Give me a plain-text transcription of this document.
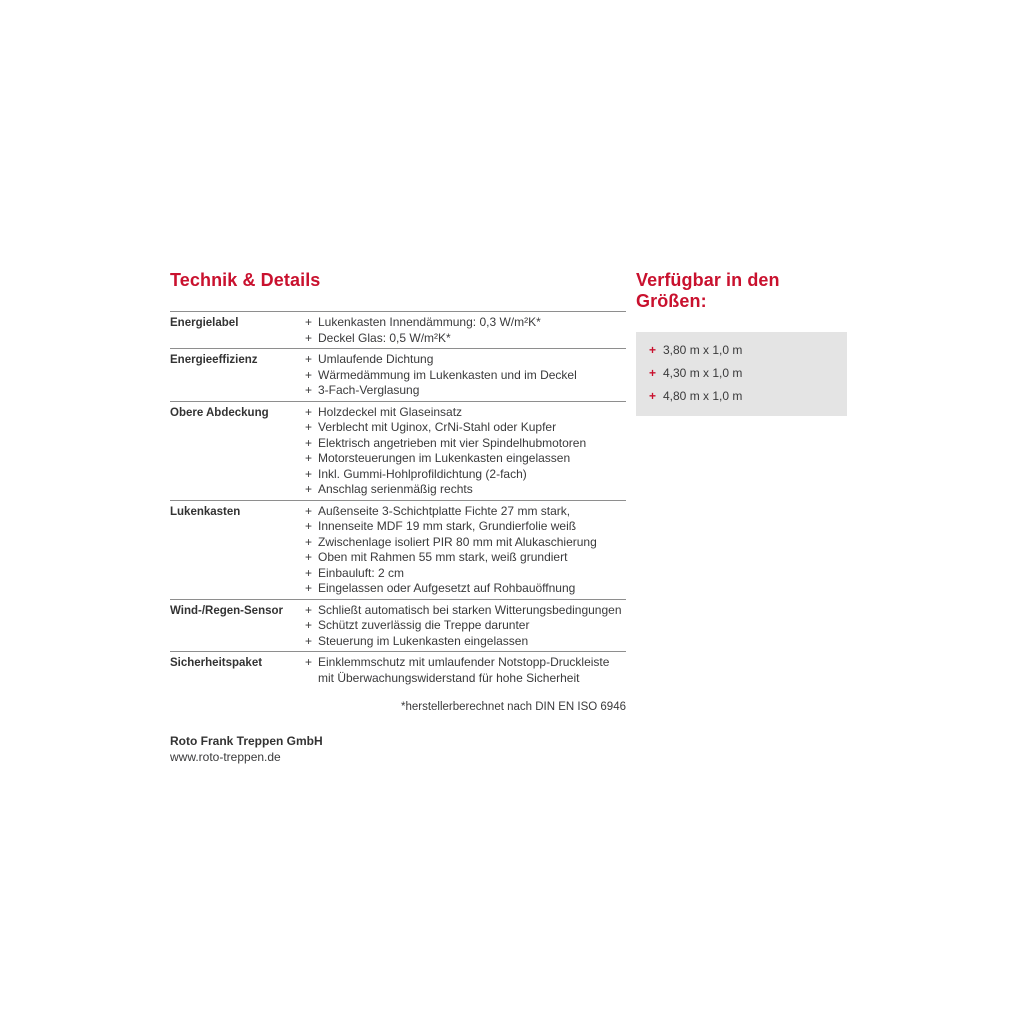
Technik & Details
Energielabel	+ Lukenkasten Innendämmung: 0,3 W/m²K*
+ Deckel Glas: 0,5 W/m²K*
Energieeffizienz	+ Umlaufende Dichtung
+ Wärmedämmung im Lukenkasten und im Deckel
+ 3-Fach-Verglasung
Obere Abdeckung	+ Holzdeckel mit Glaseinsatz
+ Verblecht mit Uginox, CrNi-Stahl oder Kupfer
+ Elektrisch angetrieben mit vier Spindelhubmotoren
+ Motorsteuerungen im Lukenkasten eingelassen
+ Inkl. Gummi-Hohlprofildichtung (2-fach)
+ Anschlag serienmäßig rechts
Lukenkasten	+ Außenseite 3-Schichtplatte Fichte 27 mm stark,
+ Innenseite MDF 19 mm stark, Grundierfolie weiß
+ Zwischenlage isoliert PIR 80 mm mit Alukaschierung
+ Oben mit Rahmen 55 mm stark, weiß grundiert
+ Einbauluft: 2 cm
+ Eingelassen oder Aufgesetzt auf Rohbauöffnung
Wind-/Regen-Sensor	+ Schließt automatisch bei starken Witterungsbedingungen
+ Schützt zuverlässig die Treppe darunter
+ Steuerung im Lukenkasten eingelassen
Sicherheitspaket	+ Einklemmschutz mit umlaufender Notstopp-Druckleiste
mit Überwachungswiderstand für hohe Sicherheit
*herstellerberechnet nach DIN EN ISO 6946
Roto Frank Treppen GmbH
www.roto-treppen.de
Verfügbar in den Größen:
+ 3,80 m x 1,0 m
+ 4,30 m x 1,0 m
+ 4,80 m x 1,0 m
